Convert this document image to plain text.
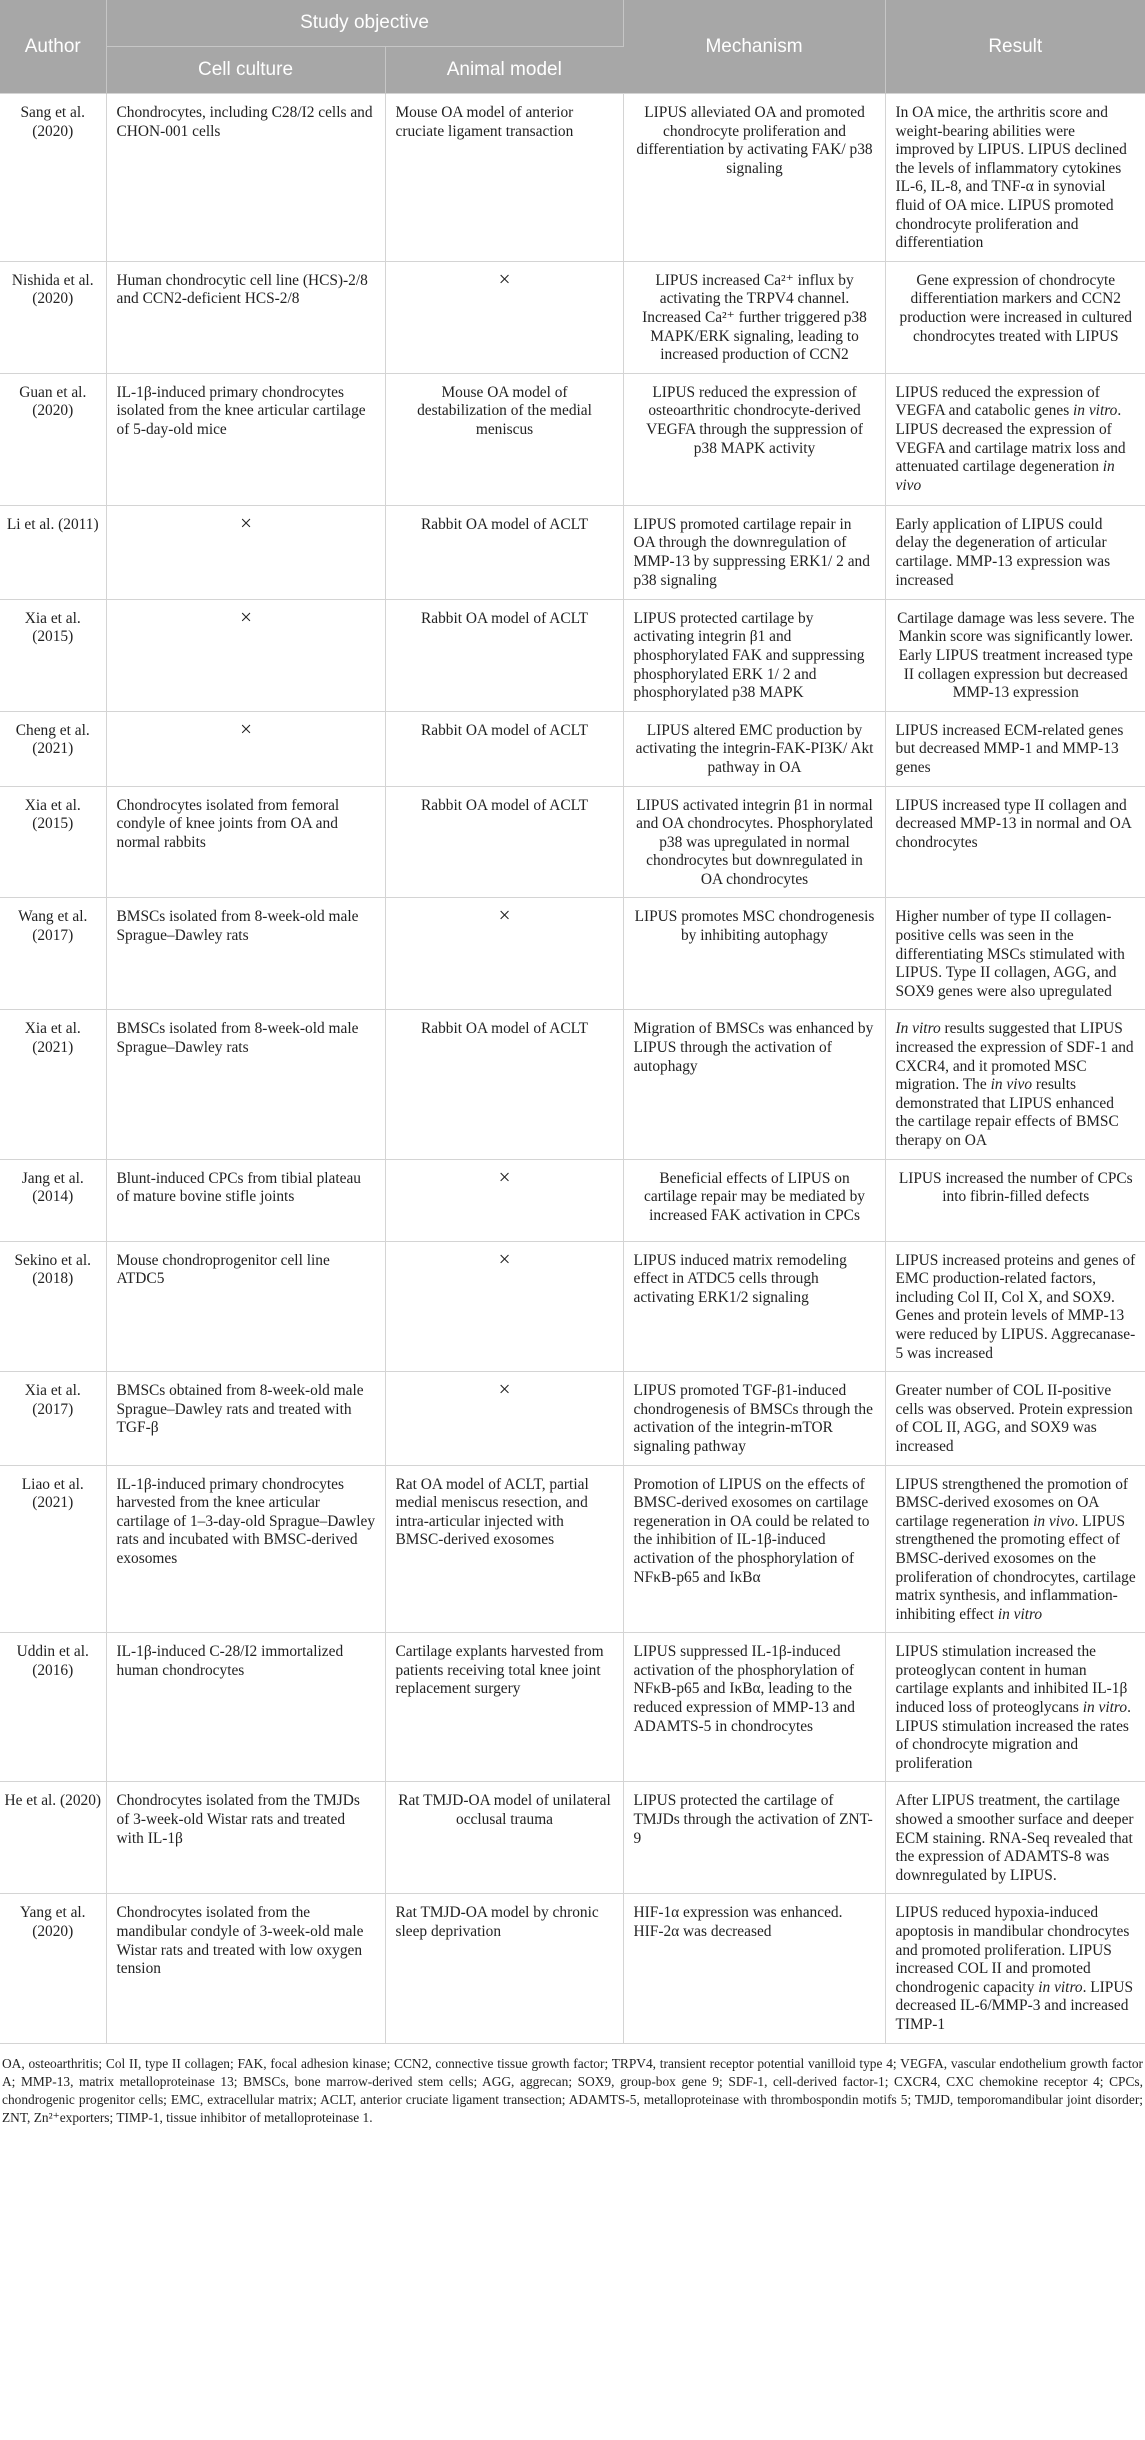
Author	Study objective		Mechanism	Result
	Cell culture	Animal model		
Sang et al. (2020)	Chondrocytes, including C28/I2 cells and CHON-001 cells	Mouse OA model of anterior cruciate ligament transaction	LIPUS alleviated OA and promoted chondrocyte proliferation and differentiation by activating FAK/ p38 signaling	In OA mice, the arthritis score and weight-bearing abilities were improved by LIPUS. LIPUS declined the levels of inflammatory cytokines IL-6, IL-8, and TNF-α in synovial fluid of OA mice. LIPUS promoted chondrocyte proliferation and differentiation
Nishida et al. (2020)	Human chondrocytic cell line (HCS)-2/8 and CCN2-deficient HCS-2/8	×	LIPUS increased Ca²⁺ influx by activating the TRPV4 channel. Increased Ca²⁺ further triggered p38 MAPK/ERK signaling, leading to increased production of CCN2	Gene expression of chondrocyte differentiation markers and CCN2 production were increased in cultured chondrocytes treated with LIPUS
Guan et al. (2020)	IL-1β-induced primary chondrocytes isolated from the knee articular cartilage of 5-day-old mice	Mouse OA model of destabilization of the medial meniscus	LIPUS reduced the expression of osteoarthritic chondrocyte-derived VEGFA through the suppression of p38 MAPK activity	LIPUS reduced the expression of VEGFA and catabolic genes in vitro. LIPUS decreased the expression of VEGFA and cartilage matrix loss and attenuated cartilage degeneration in vivo
Li et al. (2011)	×	Rabbit OA model of ACLT	LIPUS promoted cartilage repair in OA through the downregulation of MMP-13 by suppressing ERK1/ 2 and p38 signaling	Early application of LIPUS could delay the degeneration of articular cartilage. MMP-13 expression was increased
Xia et al. (2015)	×	Rabbit OA model of ACLT	LIPUS protected cartilage by activating integrin β1 and phosphorylated FAK and suppressing phosphorylated ERK 1/ 2 and phosphorylated p38 MAPK	Cartilage damage was less severe. The Mankin score was significantly lower. Early LIPUS treatment increased type II collagen expression but decreased MMP-13 expression
Cheng et al. (2021)	×	Rabbit OA model of ACLT	LIPUS altered EMC production by activating the integrin-FAK-PI3K/ Akt pathway in OA	LIPUS increased ECM-related genes but decreased MMP-1 and MMP-13 genes
Xia et al. (2015)	Chondrocytes isolated from femoral condyle of knee joints from OA and normal rabbits	Rabbit OA model of ACLT	LIPUS activated integrin β1 in normal and OA chondrocytes. Phosphorylated p38 was upregulated in normal chondrocytes but downregulated in OA chondrocytes	LIPUS increased type II collagen and decreased MMP-13 in normal and OA chondrocytes
Wang et al. (2017)	BMSCs isolated from 8-week-old male Sprague–Dawley rats	×	LIPUS promotes MSC chondrogenesis by inhibiting autophagy	Higher number of type II collagen-positive cells was seen in the differentiating MSCs stimulated with LIPUS. Type II collagen, AGG, and SOX9 genes were also upregulated
Xia et al. (2021)	BMSCs isolated from 8-week-old male Sprague–Dawley rats	Rabbit OA model of ACLT	Migration of BMSCs was enhanced by LIPUS through the activation of autophagy	In vitro results suggested that LIPUS increased the expression of SDF-1 and CXCR4, and it promoted MSC migration. The in vivo results demonstrated that LIPUS enhanced the cartilage repair effects of BMSC therapy on OA
Jang et al. (2014)	Blunt-induced CPCs from tibial plateau of mature bovine stifle joints	×	Beneficial effects of LIPUS on cartilage repair may be mediated by increased FAK activation in CPCs	LIPUS increased the number of CPCs into fibrin-filled defects
Sekino et al. (2018)	Mouse chondroprogenitor cell line ATDC5	×	LIPUS induced matrix remodeling effect in ATDC5 cells through activating ERK1/2 signaling	LIPUS increased proteins and genes of EMC production-related factors, including Col II, Col X, and SOX9. Genes and protein levels of MMP-13 were reduced by LIPUS. Aggrecanase-5 was increased
Xia et al. (2017)	BMSCs obtained from 8-week-old male Sprague–Dawley rats and treated with TGF-β	×	LIPUS promoted TGF-β1-induced chondrogenesis of BMSCs through the activation of the integrin-mTOR signaling pathway	Greater number of COL II-positive cells was observed. Protein expression of COL II, AGG, and SOX9 was increased
Liao et al. (2021)	IL-1β-induced primary chondrocytes harvested from the knee articular cartilage of 1–3-day-old Sprague–Dawley rats and incubated with BMSC-derived exosomes	Rat OA model of ACLT, partial medial meniscus resection, and intra-articular injected with BMSC-derived exosomes	Promotion of LIPUS on the effects of BMSC-derived exosomes on cartilage regeneration in OA could be related to the inhibition of IL-1β-induced activation of the phosphorylation of NFκB-p65 and IκBα	LIPUS strengthened the promotion of BMSC-derived exosomes on OA cartilage regeneration in vivo. LIPUS strengthened the promoting effect of BMSC-derived exosomes on the proliferation of chondrocytes, cartilage matrix synthesis, and inflammation-inhibiting effect in vitro
Uddin et al. (2016)	IL-1β-induced C-28/I2 immortalized human chondrocytes	Cartilage explants harvested from patients receiving total knee joint replacement surgery	LIPUS suppressed IL-1β-induced activation of the phosphorylation of NFκB-p65 and IκBα, leading to the reduced expression of MMP-13 and ADAMTS-5 in chondrocytes	LIPUS stimulation increased the proteoglycan content in human cartilage explants and inhibited IL-1β induced loss of proteoglycans in vitro. LIPUS stimulation increased the rates of chondrocyte migration and proliferation
He et al. (2020)	Chondrocytes isolated from the TMJDs of 3-week-old Wistar rats and treated with IL-1β	Rat TMJD-OA model of unilateral occlusal trauma	LIPUS protected the cartilage of TMJDs through the activation of ZNT-9	After LIPUS treatment, the cartilage showed a smoother surface and deeper ECM staining. RNA-Seq revealed that the expression of ADAMTS-8 was downregulated by LIPUS.
Yang et al. (2020)	Chondrocytes isolated from the mandibular condyle of 3-week-old male Wistar rats and treated with low oxygen tension	Rat TMJD-OA model by chronic sleep deprivation	HIF-1α expression was enhanced. HIF-2α was decreased	LIPUS reduced hypoxia-induced apoptosis in mandibular chondrocytes and promoted proliferation. LIPUS increased COL II and promoted chondrogenic capacity in vitro. LIPUS decreased IL-6/MMP-3 and increased TIMP-1
OA, osteoarthritis; Col II, type II collagen; FAK, focal adhesion kinase; CCN2, connective tissue growth factor; TRPV4, transient receptor potential vanilloid type 4; VEGFA, vascular endothelium growth factor A; MMP-13, matrix metalloproteinase 13; BMSCs, bone marrow-derived stem cells; AGG, aggrecan; SOX9, group-box gene 9; SDF-1, cell-derived factor-1; CXCR4, CXC chemokine receptor 4; CPCs, chondrogenic progenitor cells; EMC, extracellular matrix; ACLT, anterior cruciate ligament transection; ADAMTS-5, metalloproteinase with thrombospondin motifs 5; TMJD, temporomandibular joint disorder; ZNT, Zn²⁺exporters; TIMP-1, tissue inhibitor of metalloproteinase 1.
